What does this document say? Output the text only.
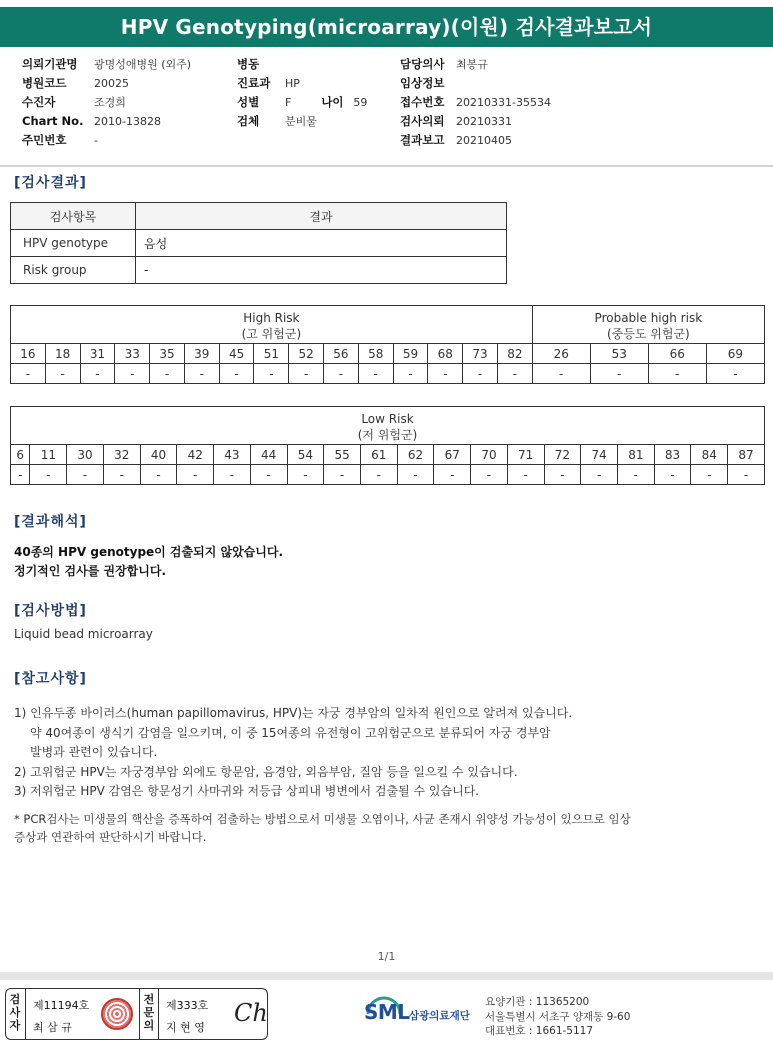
HPV Genotyping(microarray)(이원) 검사결과보고서
의뢰기관명 광명성애병원 (외주)
병원코드	20025
수진자	조경희
Chart No. 2010-13828
주민번호	-
병동
진료과 HP
성별 F	나이 59
검체 분비물
담당의사 최봉규
임상정보
접수번호 20210331-35534
검사의뢰 20210331
결과보고 20210405
[검사결과]
검사항목	결과
HPV genotype	음성
Risk group	-
High Risk
(고 위험군)															Probable high risk
(중등도 위험군)			
16	18	31	33	35	39	45	51	52	56	58	59	68	73	82	26	53	66	69
-	-	-	-	-	-	-	-	-	-	-	-	-	-	-	-	-	-	-
Low Risk
(저 위험군)																				
6	11	30	32	40	42	43	44	54	55	61	62	67	70	71	72	74	81	83	84	87
-	-	-	-	-	-	-	-	-	-	-	-	-	-	-	-	-	-	-	-	-
[결과해석]
40종의 HPV genotype이 검출되지 않았습니다.
정기적인 검사를 권장합니다.
[검사방법]
Liquid bead microarray
[참고사항]
1) 인유두종 바이러스(human papillomavirus, HPV)는 자궁 경부암의 일차적 원인으로 알려져 있습니다.
약 40여종이 생식기 감염을 일으키며, 이 중 15여종의 유전형이 고위험군으로 분류되어 자궁 경부암
발병과 관련이 있습니다.
2) 고위험군 HPV는 자궁경부암 외에도 항문암, 음경암, 외음부암, 질암 등을 일으킬 수 있습니다.
3) 저위험군 HPV 감염은 항문성기 사마귀와 저등급 상피내 병변에서 검출될 수 있습니다.
* PCR검사는 미생물의 핵산을 증폭하여 검출하는 방법으로서 미생물 오염이나, 사균 존재시 위양성 가능성이 있으므로 임상
증상과 연관하여 판단하시기 바랍니다.
1/1
검
사
자
제11194호
최 삼 규
전
문
의
제333호
지 현 영
Ch	SML 삼광의료재단
요양기관 : 11365200
서울특별시 서초구 양재동 9-60
대표번호 : 1661-5117
